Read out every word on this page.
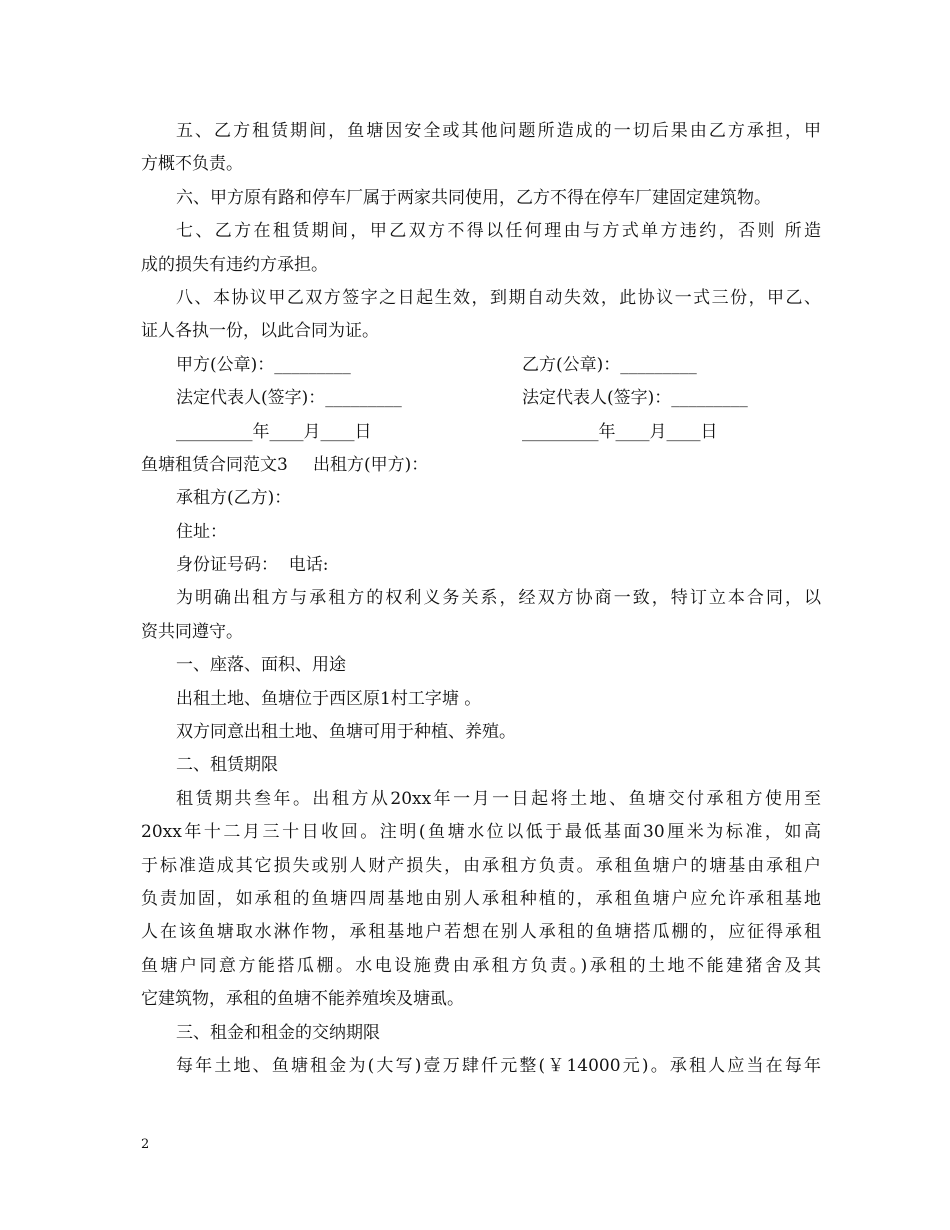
五、乙方租赁期间，鱼塘因安全或其他问题所造成的一切后果由乙方承担，甲
方概不负责。
六、甲方原有路和停车厂属于两家共同使用，乙方不得在停车厂建固定建筑物。
七、乙方在租赁期间，甲乙双方不得以任何理由与方式单方违约，否则 所造
成的损失有违约方承担。
八、本协议甲乙双方签字之日起生效，到期自动失效，此协议一式三份，甲乙、
证人各执一份，以此合同为证。
甲方(公章)：_________	乙方(公章)：_________
法定代表人(签字)：_________	法定代表人(签字)：_________
_________年____月____日	_________年____月____日
鱼塘租赁合同范文3	出租方(甲方)：
承租方(乙方)：
住址：
身份证号码：  电话:
为明确出租方与承租方的权利义务关系，经双方协商一致，特订立本合同，以
资共同遵守。
一、座落、面积、用途
出租土地、鱼塘位于西区原1村工字塘 。
双方同意出租土地、鱼塘可用于种植、养殖。
二、租赁期限
租赁期共叁年。出租方从20xx年一月一日起将土地、鱼塘交付承租方使用至
20xx年十二月三十日收回。注明(鱼塘水位以低于最低基面30厘米为标准，如高
于标准造成其它损失或别人财产损失，由承租方负责。承租鱼塘户的塘基由承租户
负责加固，如承租的鱼塘四周基地由别人承租种植的，承租鱼塘户应允许承租基地
人在该鱼塘取水淋作物，承租基地户若想在别人承租的鱼塘搭瓜棚的，应征得承租
鱼塘户同意方能搭瓜棚。水电设施费由承租方负责。)承租的土地不能建猪舍及其
它建筑物，承租的鱼塘不能养殖埃及塘虱。
三、租金和租金的交纳期限
每年土地、鱼塘租金为(大写)壹万肆仟元整(￥14000元)。承租人应当在每年
2
